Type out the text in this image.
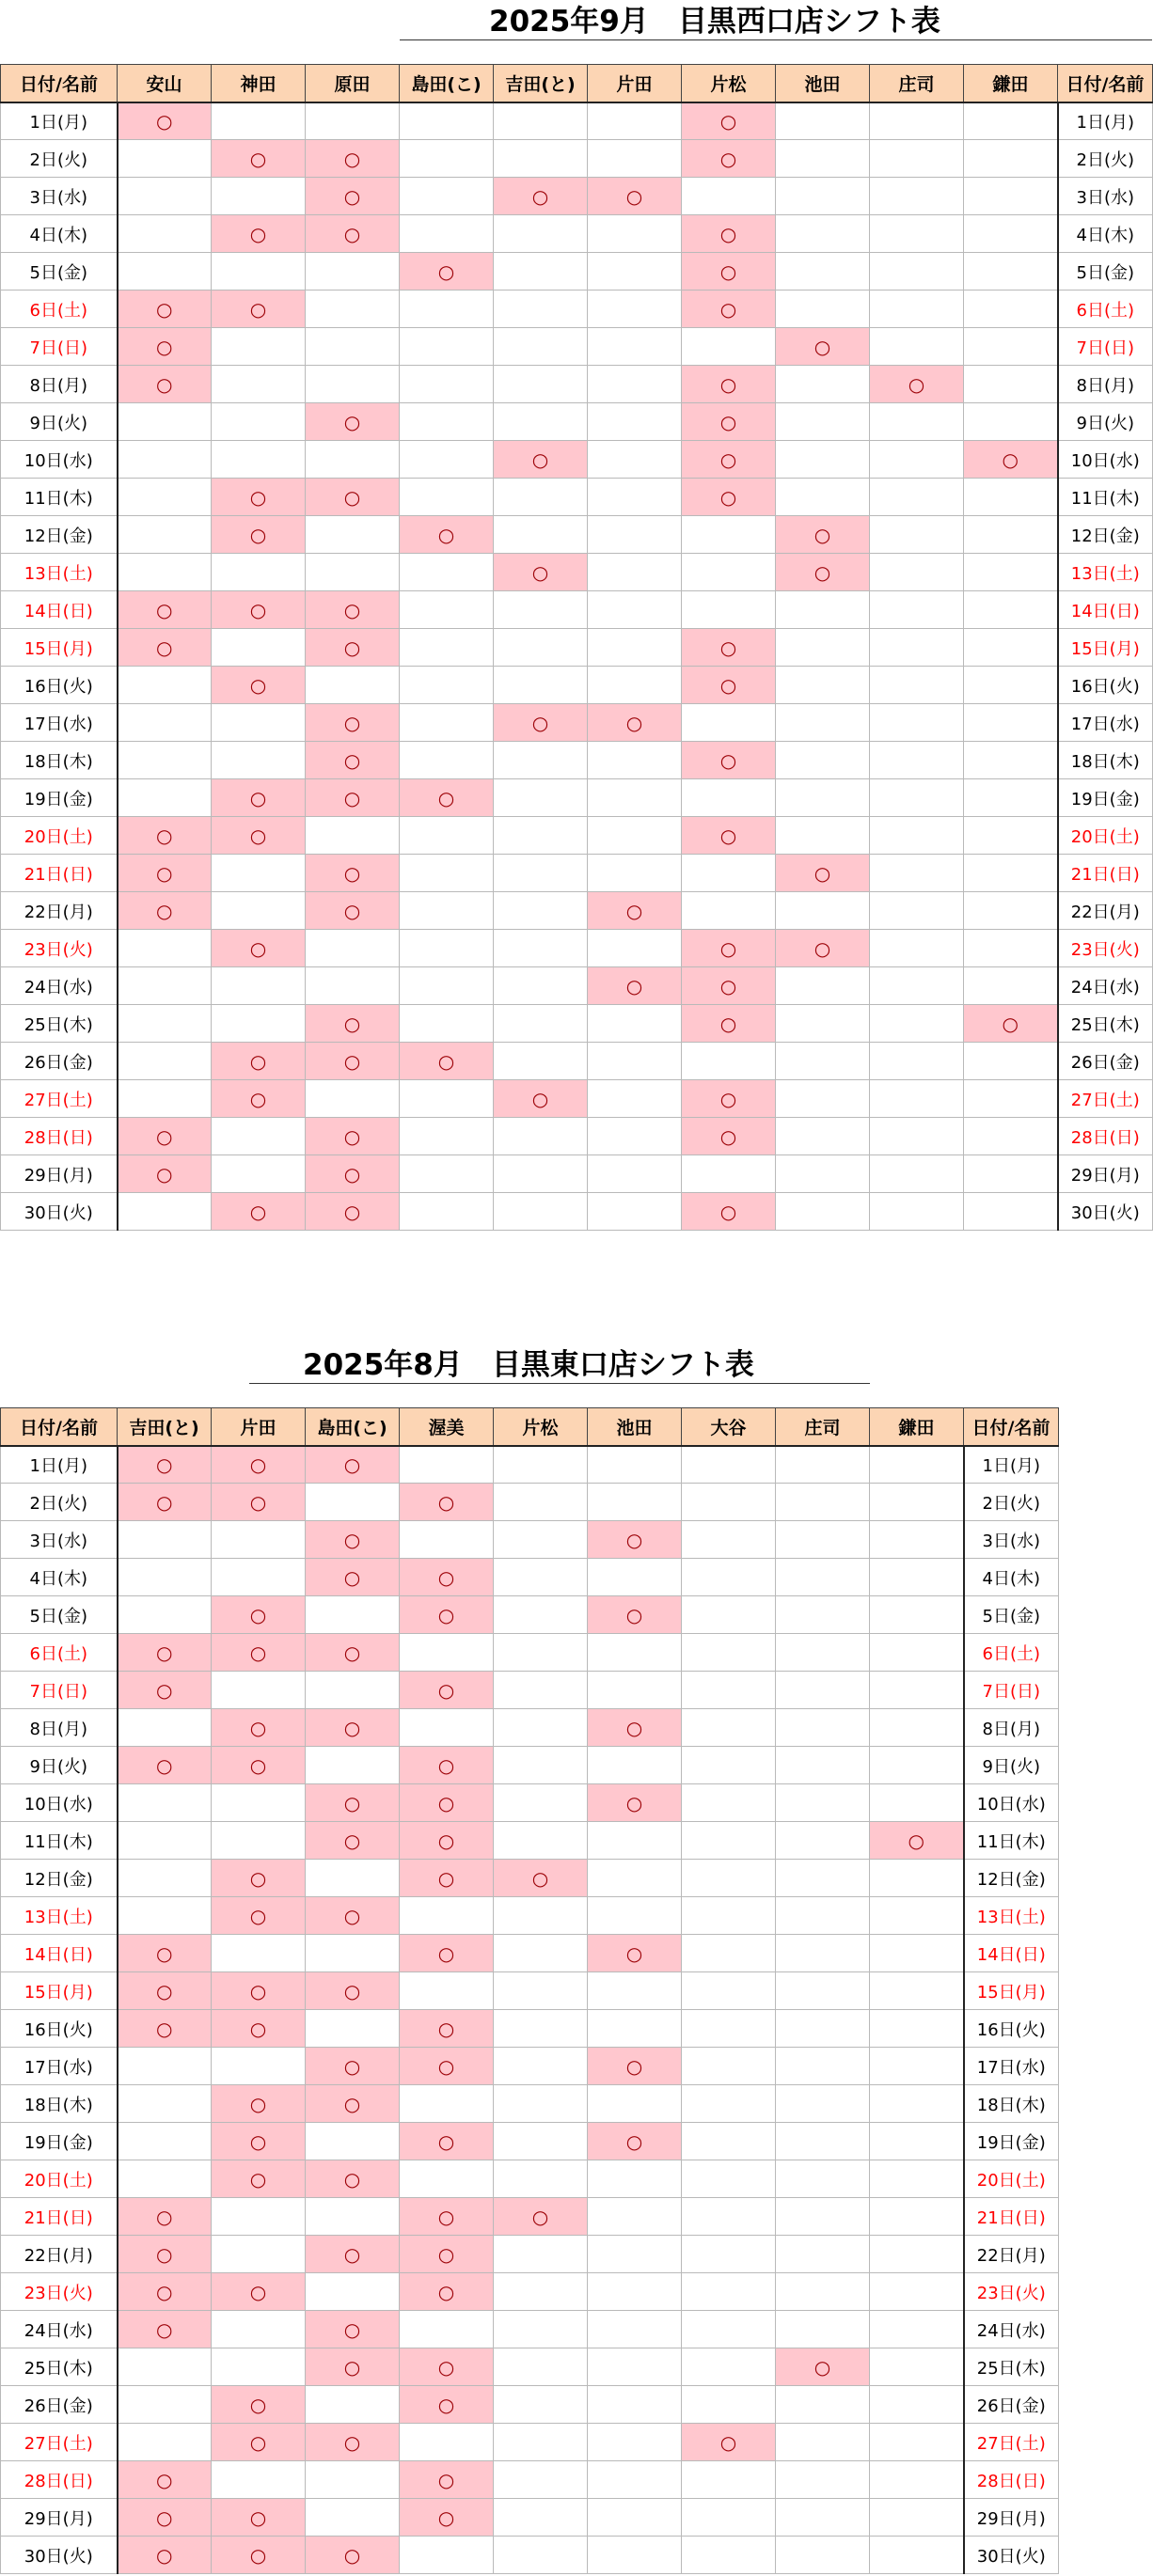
2025年9月　目黒西口店シフト表
日付/名前	安山	神田	原田	島田(こ)	吉田(と)	片田	片松	池田	庄司	鎌田	日付/名前
1日(月)	○						○				1日(月)
2日(火)		○	○				○				2日(火)
3日(水)			○		○	○					3日(水)
4日(木)		○	○				○				4日(木)
5日(金)				○			○				5日(金)
6日(土)	○	○					○				6日(土)
7日(日)	○							○			7日(日)
8日(月)	○						○		○		8日(月)
9日(火)			○				○				9日(火)
10日(水)					○		○			○	10日(水)
11日(木)		○	○				○				11日(木)
12日(金)		○		○				○			12日(金)
13日(土)					○			○			13日(土)
14日(日)	○	○	○								14日(日)
15日(月)	○		○				○				15日(月)
16日(火)		○					○				16日(火)
17日(水)			○		○	○					17日(水)
18日(木)			○				○				18日(木)
19日(金)		○	○	○							19日(金)
20日(土)	○	○					○				20日(土)
21日(日)	○		○					○			21日(日)
22日(月)	○		○			○					22日(月)
23日(火)		○					○	○			23日(火)
24日(水)						○	○				24日(水)
25日(木)			○				○			○	25日(木)
26日(金)		○	○	○							26日(金)
27日(土)		○			○		○				27日(土)
28日(日)	○		○				○				28日(日)
29日(月)	○		○								29日(月)
30日(火)		○	○				○				30日(火)
2025年8月　目黒東口店シフト表
日付/名前	吉田(と)	片田	島田(こ)	渥美	片松	池田	大谷	庄司	鎌田	日付/名前
1日(月)	○	○	○							1日(月)
2日(火)	○	○		○						2日(火)
3日(水)			○			○				3日(水)
4日(木)			○	○						4日(木)
5日(金)		○		○		○				5日(金)
6日(土)	○	○	○							6日(土)
7日(日)	○			○						7日(日)
8日(月)		○	○			○				8日(月)
9日(火)	○	○		○						9日(火)
10日(水)			○	○		○				10日(水)
11日(木)			○	○					○	11日(木)
12日(金)		○		○	○					12日(金)
13日(土)		○	○							13日(土)
14日(日)	○			○		○				14日(日)
15日(月)	○	○	○							15日(月)
16日(火)	○	○		○						16日(火)
17日(水)			○	○		○				17日(水)
18日(木)		○	○							18日(木)
19日(金)		○		○		○				19日(金)
20日(土)		○	○							20日(土)
21日(日)	○			○	○					21日(日)
22日(月)	○		○	○						22日(月)
23日(火)	○	○		○						23日(火)
24日(水)	○		○							24日(水)
25日(木)			○	○				○		25日(木)
26日(金)		○		○						26日(金)
27日(土)		○	○				○			27日(土)
28日(日)	○			○						28日(日)
29日(月)	○	○		○						29日(月)
30日(火)	○	○	○							30日(火)
